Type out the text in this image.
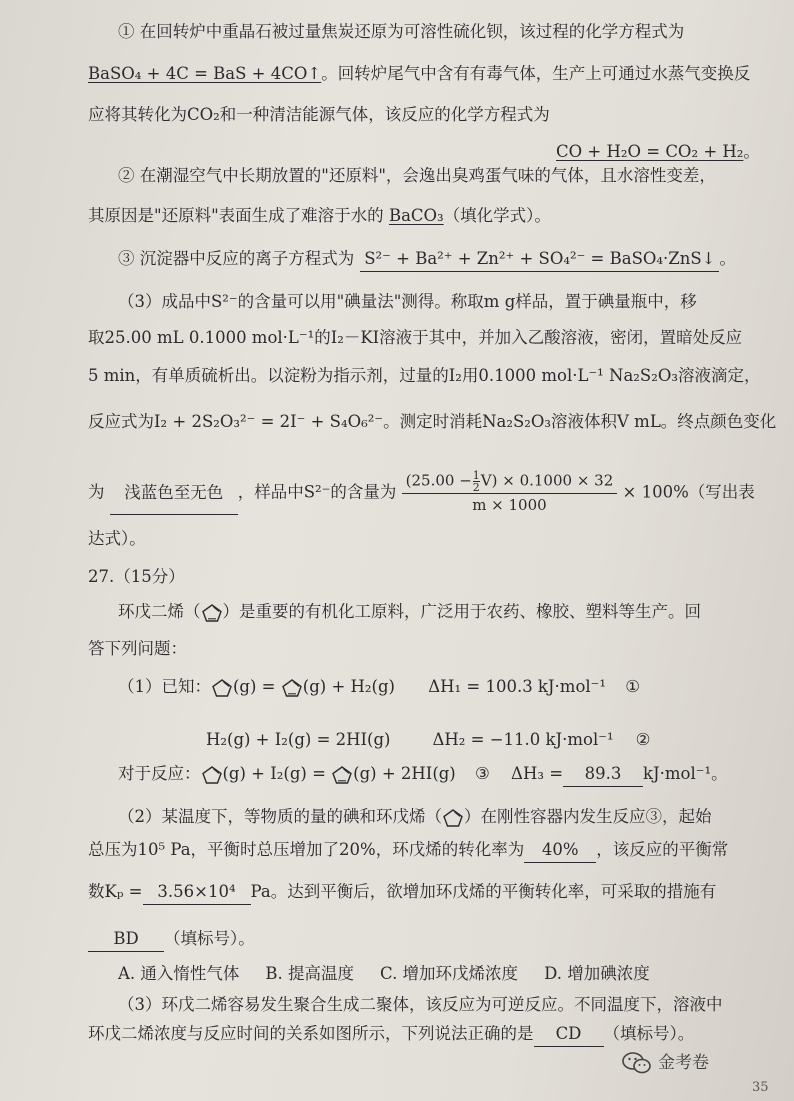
① 在回转炉中重晶石被过量焦炭还原为可溶性硫化钡，该过程的化学方程式为
BaSO₄ + 4C = BaS + 4CO↑。回转炉尾气中含有有毒气体，生产上可通过水蒸气变换反
应将其转化为CO₂和一种清洁能源气体，该反应的化学方程式为
CO + H₂O = CO₂ + H₂。
② 在潮湿空气中长期放置的"还原料"，会逸出臭鸡蛋气味的气体，且水溶性变差，
其原因是"还原料"表面生成了难溶于水的 BaCO₃（填化学式）。
③ 沉淀器中反应的离子方程式为 S²⁻ + Ba²⁺ + Zn²⁺ + SO₄²⁻ = BaSO₄·ZnS↓ 。
（3）成品中S²⁻的含量可以用"碘量法"测得。称取m g样品，置于碘量瓶中，移
取25.00 mL 0.1000 mol·L⁻¹的I₂－KI溶液于其中，并加入乙酸溶液，密闭，置暗处反应
5 min，有单质硫析出。以淀粉为指示剂，过量的I₂用0.1000 mol·L⁻¹ Na₂S₂O₃溶液滴定，
反应式为I₂ + 2S₂O₃²⁻ = 2I⁻ + S₄O₆²⁻。测定时消耗Na₂S₂O₃溶液体积V mL。终点颜色变化
为 浅蓝色至无色 ，样品中S²⁻的含量为 $\frac{(25.00 - \frac{1}{2} V) \times 0.1000 \times 32}{m \times 1000} \times 100\%$（写出表
达式）。
27.（15分）
环戊二烯（ ）是重要的有机化工原料，广泛用于农药、橡胶、塑料等生产。回
答下列问题：
（1）已知： (g) = (g) + H₂(g) ΔH₁ = 100.3 kJ·mol⁻¹ ①
H₂(g) + I₂(g) = 2HI(g)	ΔH₂ = −11.0 kJ·mol⁻¹ ②
对于反应： (g) + I₂(g) = (g) + 2HI(g) ③ ΔH₃ = 89.3 kJ·mol⁻¹。
（2）某温度下，等物质的量的碘和环戊烯（ ）在刚性容器内发生反应③，起始
总压为10⁵ Pa，平衡时总压增加了20%，环戊烯的转化率为 40% ，该反应的平衡常
数Kₚ = 3.56×10⁴ Pa。达到平衡后，欲增加环戊烯的平衡转化率，可采取的措施有
BD （填标号）。
A. 通入惰性气体 B. 提高温度 C. 增加环戊烯浓度 D. 增加碘浓度
（3）环戊二烯容易发生聚合生成二聚体，该反应为可逆反应。不同温度下，溶液中
环戊二烯浓度与反应时间的关系如图所示，下列说法正确的是 CD （填标号）。
金考卷
35
